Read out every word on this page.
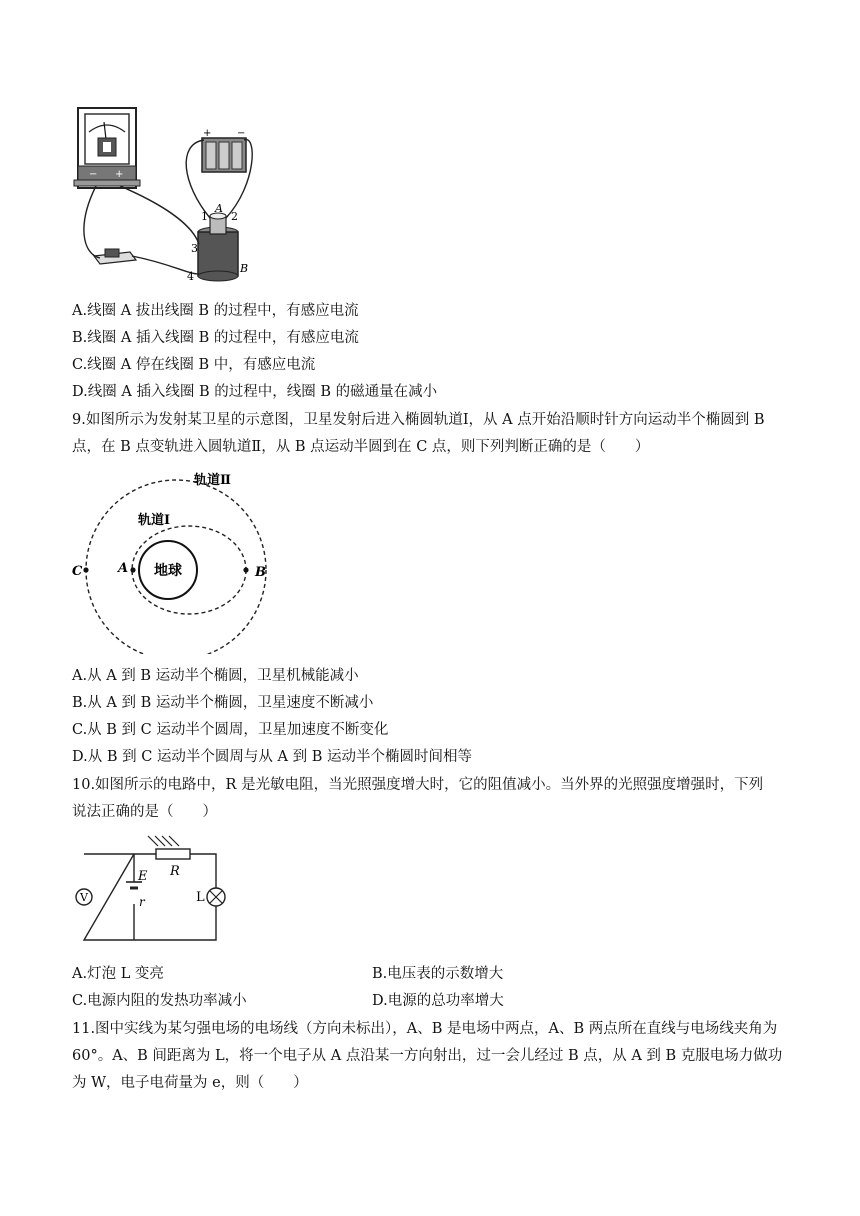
− +
+	−
1
A
2
3
4
B
A.线圈 A 拔出线圈 B 的过程中，有感应电流
B.线圈 A 插入线圈 B 的过程中，有感应电流
C.线圈 A 停在线圈 B 中，有感应电流
D.线圈 A 插入线圈 B 的过程中，线圈 B 的磁通量在减小
9.如图所示为发射某卫星的示意图，卫星发射后进入椭圆轨道Ⅰ，从 A 点开始沿顺时针方向运动半个椭圆到 B
点，在 B 点变轨进入圆轨道Ⅱ，从 B 点运动半圆到在 C 点，则下列判断正确的是（　　）
地球
轨道Ⅱ
轨道Ⅰ
C	A	B
A.从 A 到 B 运动半个椭圆，卫星机械能减小
B.从 A 到 B 运动半个椭圆，卫星速度不断减小
C.从 B 到 C 运动半个圆周，卫星加速度不断变化
D.从 B 到 C 运动半个圆周与从 A 到 B 运动半个椭圆时间相等
10.如图所示的电路中，R 是光敏电阻，当光照强度增大时，它的阻值减小。当外界的光照强度增强时，下列
说法正确的是（　　）
R
E
r
V	L
A.灯泡 L 变亮	B.电压表的示数增大
C.电源内阻的发热功率减小	D.电源的总功率增大
11.图中实线为某匀强电场的电场线（方向未标出），A、B 是电场中两点，A、B 两点所在直线与电场线夹角为
60°。A、B 间距离为 L，将一个电子从 A 点沿某一方向射出，过一会儿经过 B 点，从 A 到 B 克服电场力做功
为 W，电子电荷量为 e，则（　　）
